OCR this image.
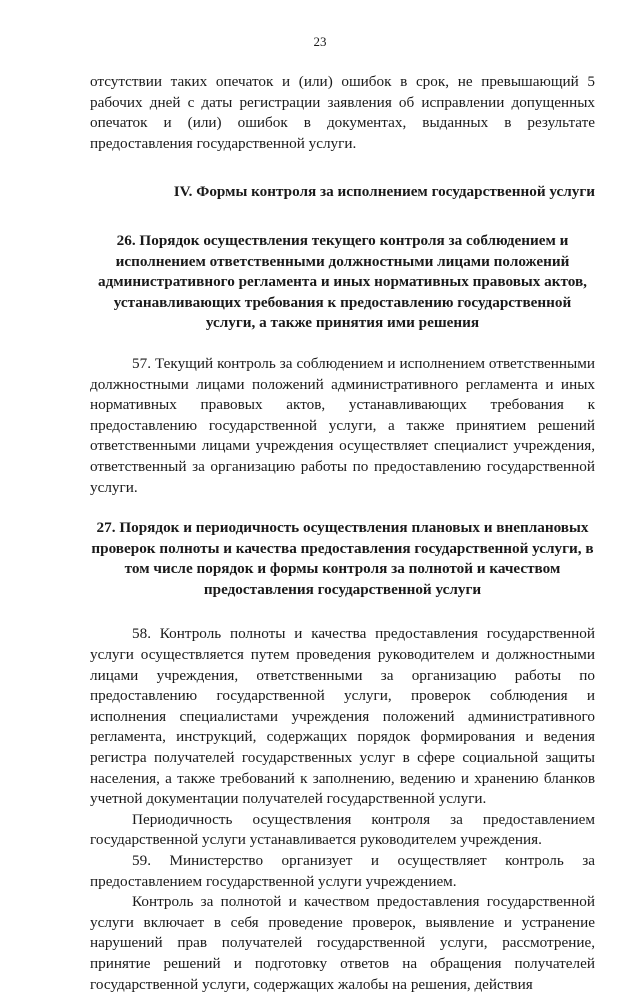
23

отсутствии таких опечаток и (или) ошибок в срок, не превышающий 5 рабочих дней с даты регистрации заявления об исправлении допущенных опечаток и (или) ошибок в документах, выданных в результате предоставления государственной услуги.

IV. Формы контроля за исполнением государственной услуги
26. Порядок осуществления текущего контроля за соблюдением и исполнением ответственными должностными лицами положений административного регламента и иных нормативных правовых актов, устанавливающих требования к предоставлению государственной услуги, а также принятия ими решения

57. Текущий контроль за соблюдением и исполнением ответственными должностными лицами положений административного регламента и иных нормативных правовых актов, устанавливающих требования к предоставлению государственной услуги, а также принятием решений ответственными лицами учреждения осуществляет специалист учреждения, ответственный за организацию работы по предоставлению государственной услуги.

27. Порядок и периодичность осуществления плановых и внеплановых проверок полноты и качества предоставления государственной услуги, в том числе порядок и формы контроля за полнотой и качеством предоставления государственной услуги

58. Контроль полноты и качества предоставления государственной услуги осуществляется путем проведения руководителем и должностными лицами учреждения, ответственными за организацию работы по предоставлению государственной услуги, проверок соблюдения и исполнения специалистами учреждения положений административного регламента, инструкций, содержащих порядок формирования и ведения регистра получателей государственных услуг в сфере социальной защиты населения, а также требований к заполнению, ведению и хранению бланков учетной документации получателей государственной услуги.

Периодичность осуществления контроля за предоставлением государственной услуги устанавливается руководителем учреждения.

59. Министерство организует и осуществляет контроль за предоставлением государственной услуги учреждением.

Контроль за полнотой и качеством предоставления государственной услуги включает в себя проведение проверок, выявление и устранение нарушений прав получателей государственной услуги, рассмотрение, принятие решений и подготовку ответов на обращения получателей государственной услуги, содержащих жалобы на решения, действия
